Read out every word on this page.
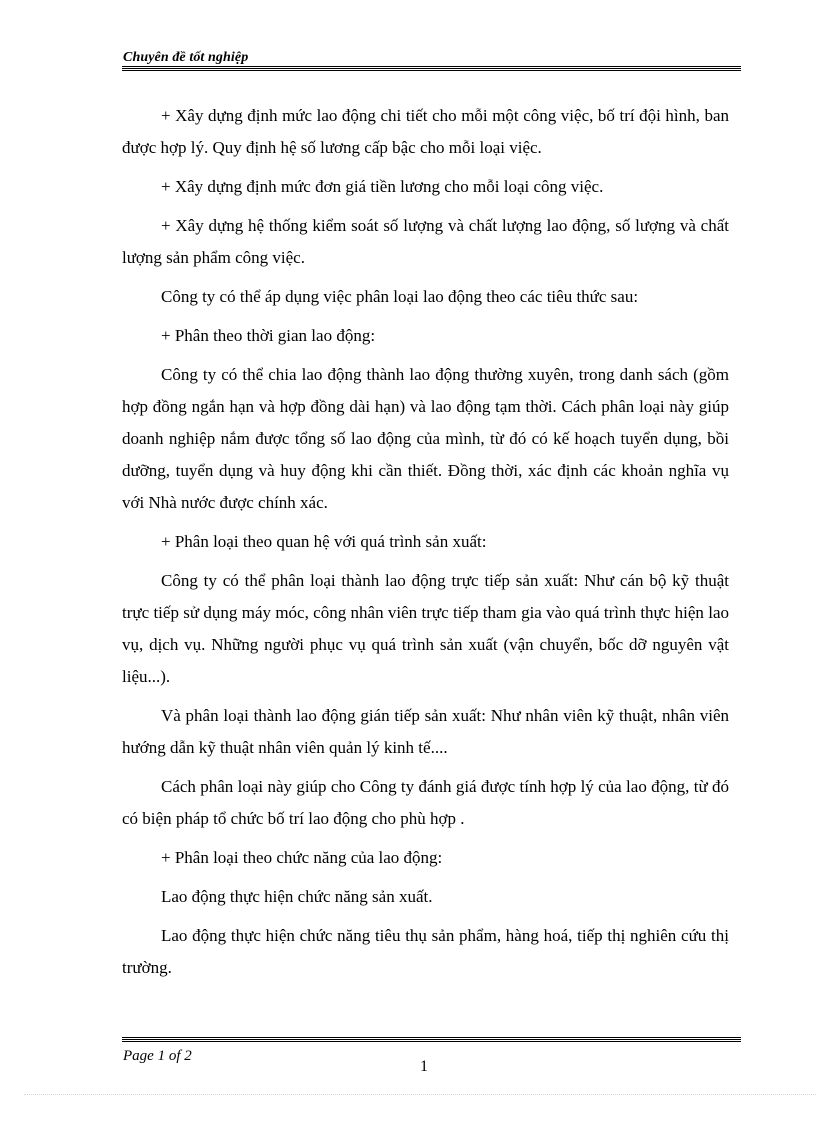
Chuyên đề tốt nghiệp

+ Xây dựng định mức lao động chi tiết cho mỗi một công việc, bố trí đội hình, ban được hợp lý. Quy định hệ số lương cấp bậc cho mỗi loại việc.

+ Xây dựng định mức đơn giá tiền lương cho mỗi loại công việc.

+ Xây dựng hệ thống kiểm soát số lượng và chất lượng lao động, số lượng và chất lượng sản phẩm công việc.

Công ty có thể áp dụng việc phân loại lao động theo các tiêu thức sau:

+ Phân theo thời gian lao động:

Công ty có thể chia lao động thành lao động thường xuyên, trong danh sách (gồm hợp đồng ngắn hạn và hợp đồng dài hạn) và lao động tạm thời. Cách phân loại này giúp doanh nghiệp nắm được tổng số lao động của mình, từ đó có kế hoạch tuyển dụng, bồi dưỡng, tuyển dụng và huy động khi cần thiết. Đồng thời, xác định các khoản nghĩa vụ với Nhà nước được chính xác.

+ Phân loại theo quan hệ với quá trình sản xuất:

Công ty có thể phân loại thành lao động trực tiếp sản xuất: Như cán bộ kỹ thuật trực tiếp sử dụng máy móc, công nhân viên trực tiếp tham gia vào quá trình thực hiện lao vụ, dịch vụ. Những người phục vụ quá trình sản xuất (vận chuyển, bốc dỡ nguyên vật liệu...).

Và phân loại thành lao động gián tiếp sản xuất: Như nhân viên kỹ thuật, nhân viên hướng dẫn kỹ thuật nhân viên quản lý kinh tế....

Cách phân loại này giúp cho Công ty đánh giá được tính hợp lý của lao động, từ đó có biện pháp tổ chức bố trí lao động cho phù hợp .

+ Phân loại theo chức năng của lao động:

Lao động thực hiện chức năng sản xuất.

Lao động thực hiện chức năng tiêu thụ sản phẩm, hàng hoá, tiếp thị nghiên cứu thị trường.

Page 1 of 2
1
